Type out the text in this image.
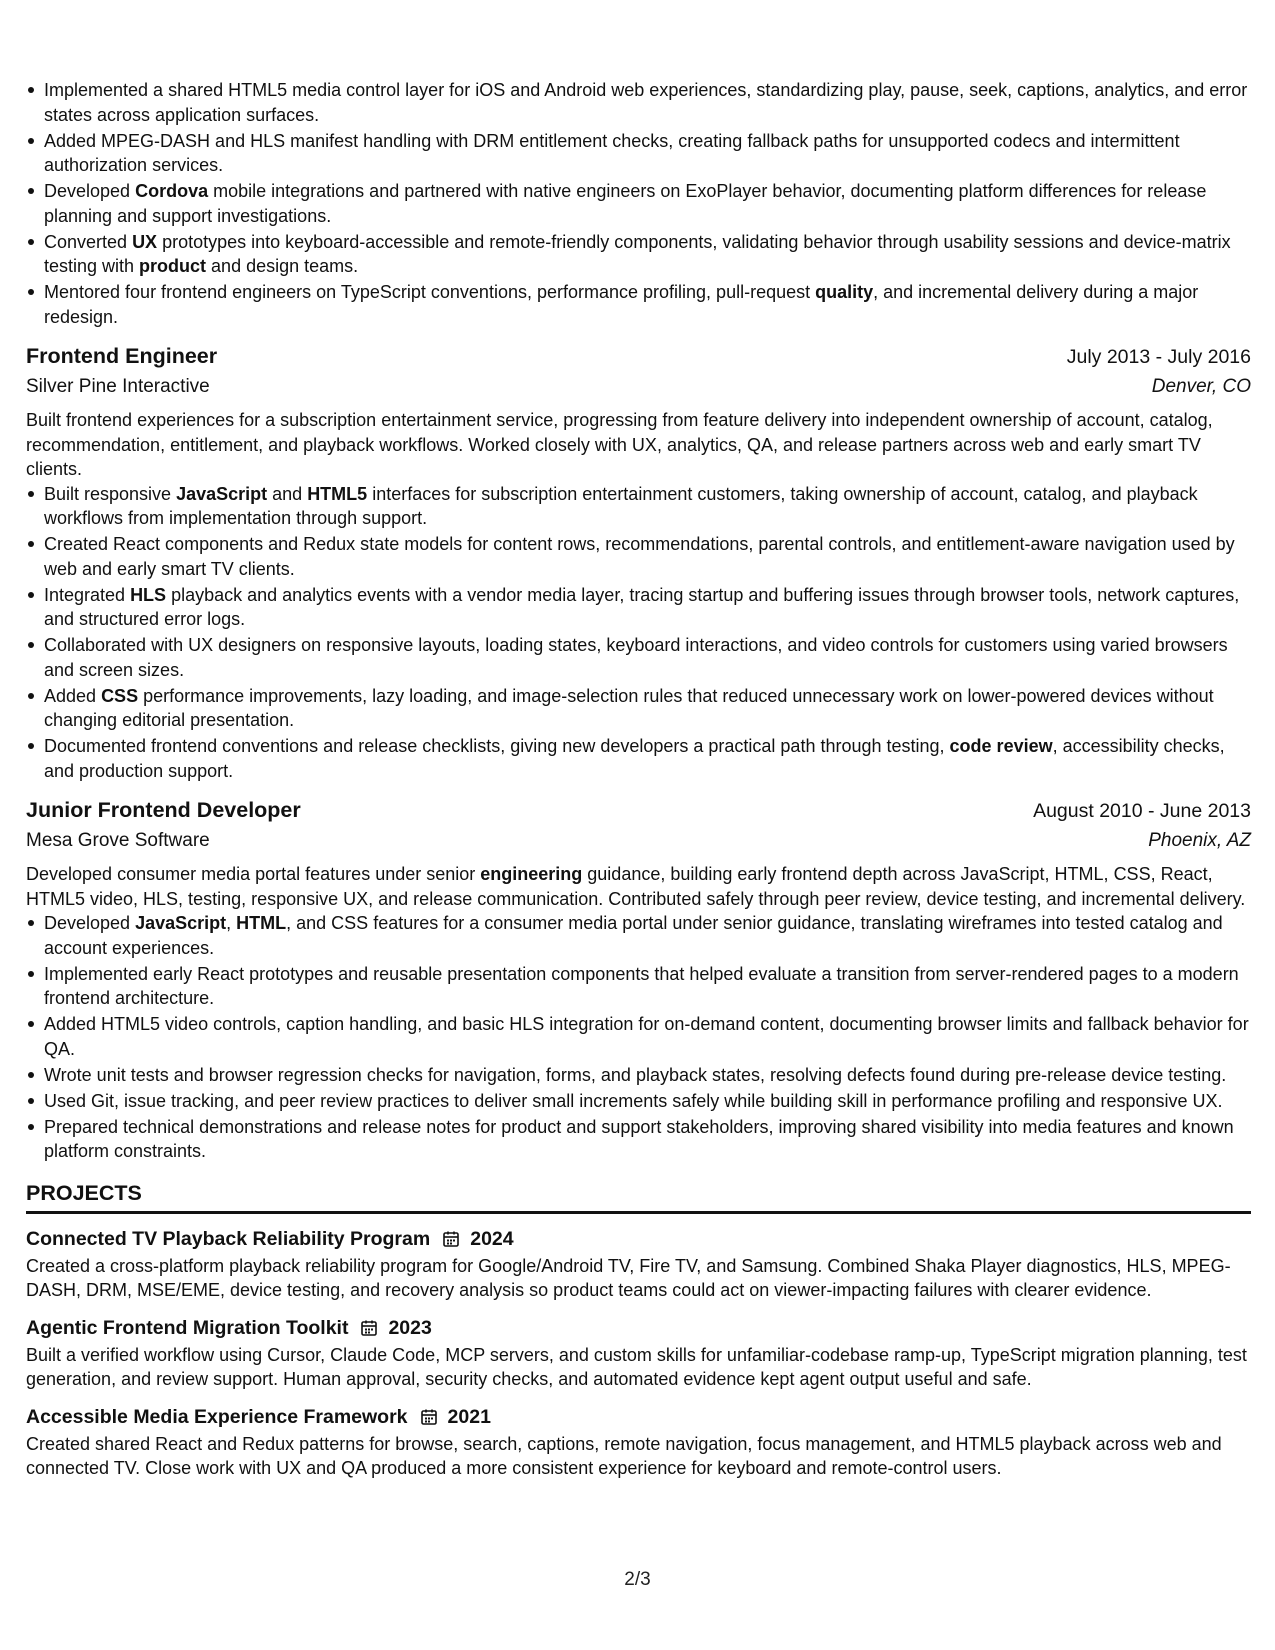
Implemented a shared HTML5 media control layer for iOS and Android web experiences, standardizing play, pause, seek, captions, analytics, and error states across application surfaces.
Added MPEG-DASH and HLS manifest handling with DRM entitlement checks, creating fallback paths for unsupported codecs and intermittent authorization services.
Developed Cordova mobile integrations and partnered with native engineers on ExoPlayer behavior, documenting platform differences for release planning and support investigations.
Converted UX prototypes into keyboard-accessible and remote-friendly components, validating behavior through usability sessions and device-matrix testing with product and design teams.
Mentored four frontend engineers on TypeScript conventions, performance profiling, pull-request quality, and incremental delivery during a major redesign.
Frontend Engineer	July 2013 - July 2016
Silver Pine Interactive	Denver, CO
Built frontend experiences for a subscription entertainment service, progressing from feature delivery into independent ownership of account, catalog, recommendation, entitlement, and playback workflows. Worked closely with UX, analytics, QA, and release partners across web and early smart TV clients.
Built responsive JavaScript and HTML5 interfaces for subscription entertainment customers, taking ownership of account, catalog, and playback workflows from implementation through support.
Created React components and Redux state models for content rows, recommendations, parental controls, and entitlement-aware navigation used by web and early smart TV clients.
Integrated HLS playback and analytics events with a vendor media layer, tracing startup and buffering issues through browser tools, network captures, and structured error logs.
Collaborated with UX designers on responsive layouts, loading states, keyboard interactions, and video controls for customers using varied browsers and screen sizes.
Added CSS performance improvements, lazy loading, and image-selection rules that reduced unnecessary work on lower-powered devices without changing editorial presentation.
Documented frontend conventions and release checklists, giving new developers a practical path through testing, code review, accessibility checks, and production support.
Junior Frontend Developer	August 2010 - June 2013
Mesa Grove Software	Phoenix, AZ
Developed consumer media portal features under senior engineering guidance, building early frontend depth across JavaScript, HTML, CSS, React, HTML5 video, HLS, testing, responsive UX, and release communication. Contributed safely through peer review, device testing, and incremental delivery.
Developed JavaScript, HTML, and CSS features for a consumer media portal under senior guidance, translating wireframes into tested catalog and account experiences.
Implemented early React prototypes and reusable presentation components that helped evaluate a transition from server-rendered pages to a modern frontend architecture.
Added HTML5 video controls, caption handling, and basic HLS integration for on-demand content, documenting browser limits and fallback behavior for QA.
Wrote unit tests and browser regression checks for navigation, forms, and playback states, resolving defects found during pre-release device testing.
Used Git, issue tracking, and peer review practices to deliver small increments safely while building skill in performance profiling and responsive UX.
Prepared technical demonstrations and release notes for product and support stakeholders, improving shared visibility into media features and known platform constraints.
PROJECTS
Connected TV Playback Reliability Program 2024
Created a cross-platform playback reliability program for Google/Android TV, Fire TV, and Samsung. Combined Shaka Player diagnostics, HLS, MPEG-DASH, DRM, MSE/EME, device testing, and recovery analysis so product teams could act on viewer-impacting failures with clearer evidence.
Agentic Frontend Migration Toolkit 2023
Built a verified workflow using Cursor, Claude Code, MCP servers, and custom skills for unfamiliar-codebase ramp-up, TypeScript migration planning, test generation, and review support. Human approval, security checks, and automated evidence kept agent output useful and safe.
Accessible Media Experience Framework 2021
Created shared React and Redux patterns for browse, search, captions, remote navigation, focus management, and HTML5 playback across web and connected TV. Close work with UX and QA produced a more consistent experience for keyboard and remote-control users.
2/3
